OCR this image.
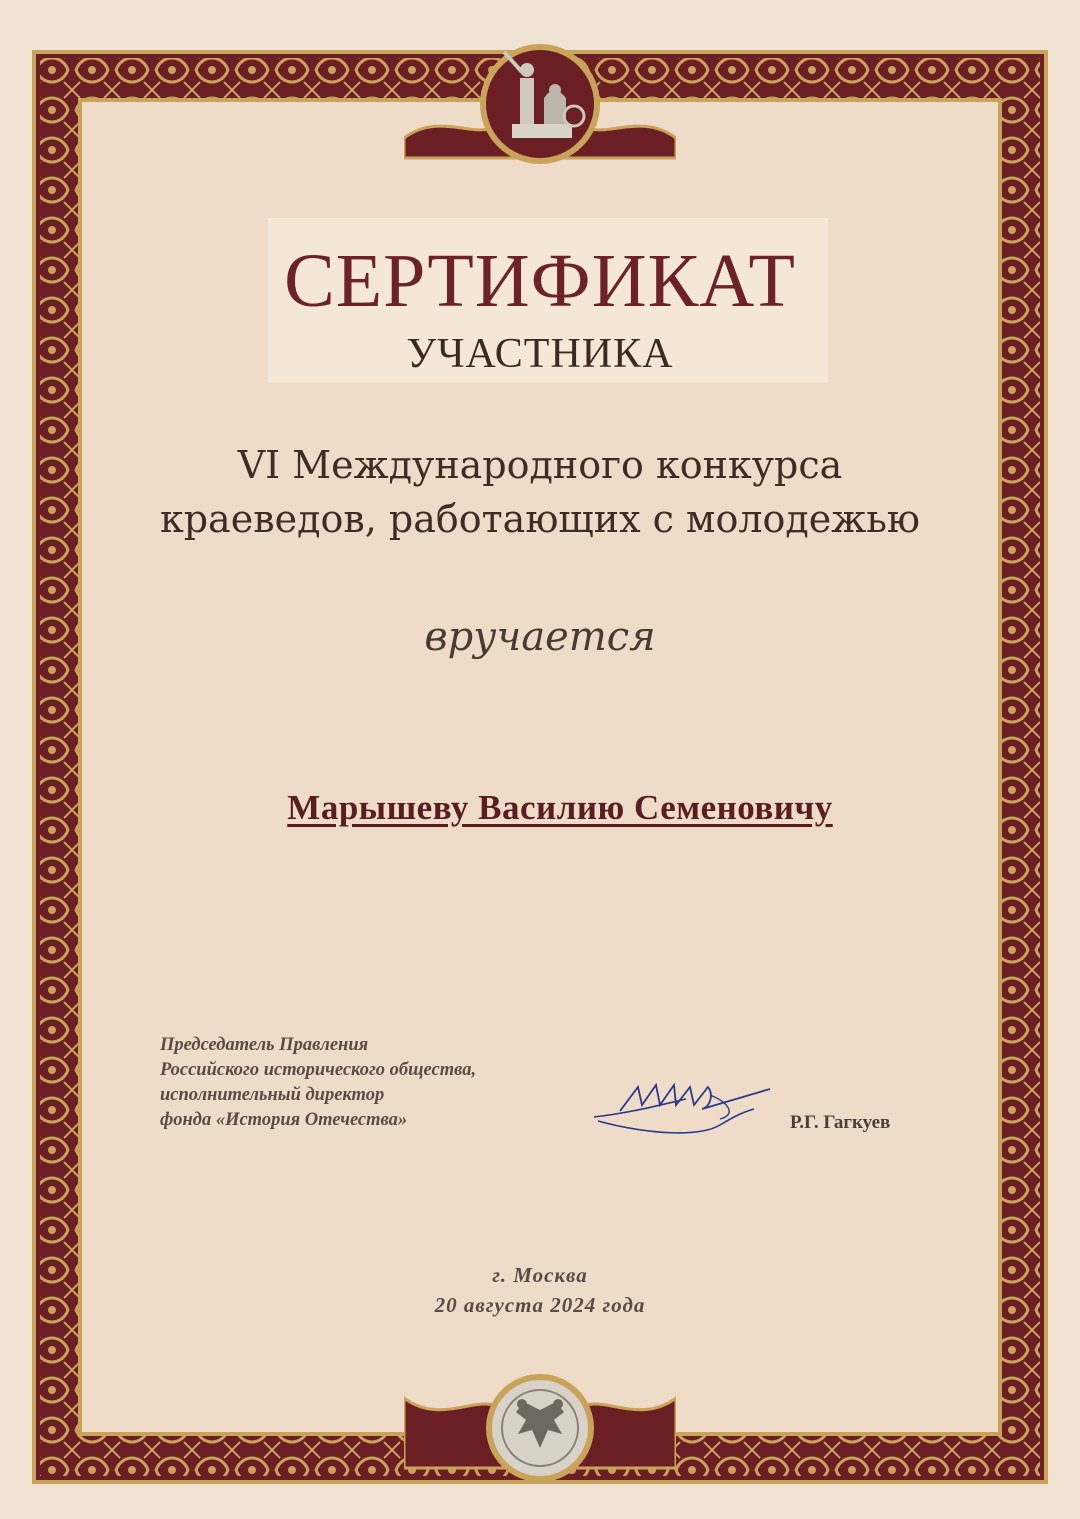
СЕРТИФИКАТ
УЧАСТНИКА
VI Международного конкурса
краеведов, работающих с молодежью
вручается
Марышеву Василию Семеновичу
Председатель Правления
Российского исторического общества,
исполнительный директор
фонда «История Отечества»	Р.Г. Гагкуев
г. Москва
20 августа 2024 года
